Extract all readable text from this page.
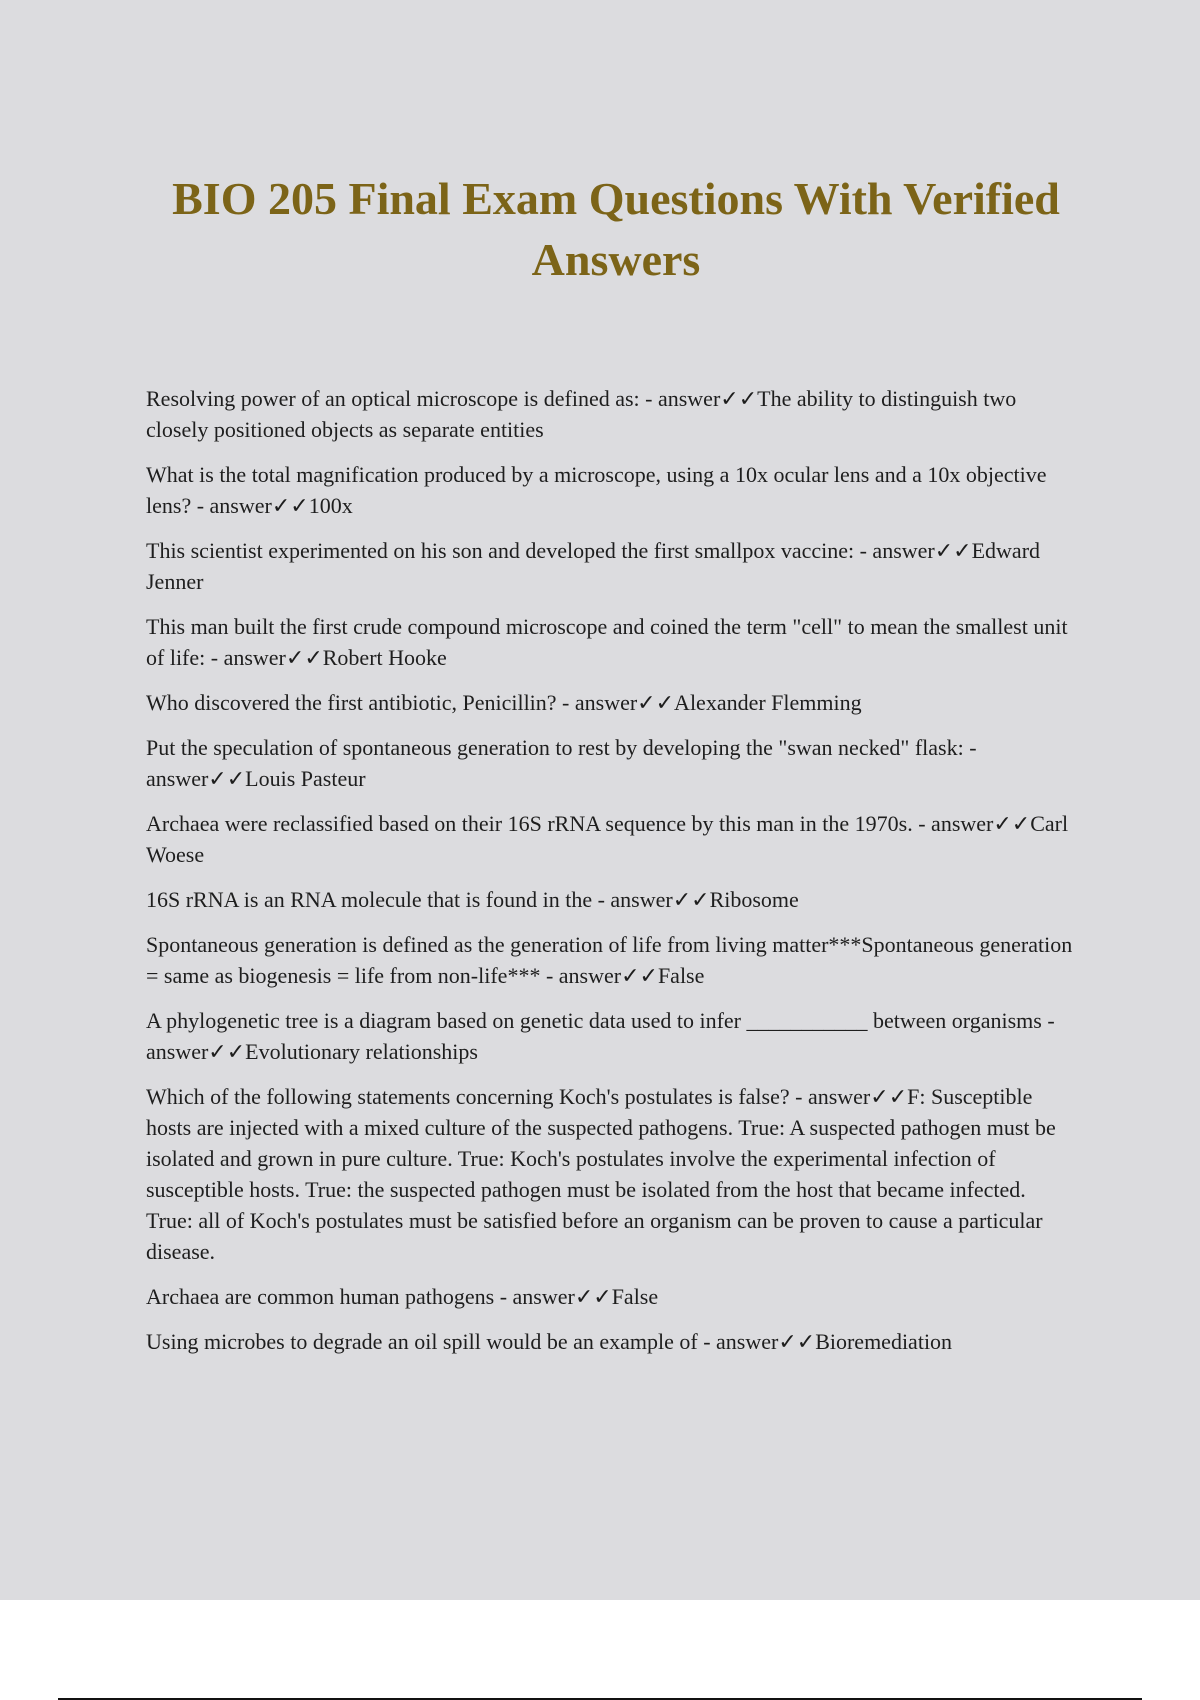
BIO 205 Final Exam Questions With Verified Answers
Resolving power of an optical microscope is defined as: - answer✓✓The ability to distinguish two closely positioned objects as separate entities
What is the total magnification produced by a microscope, using a 10x ocular lens and a 10x objective lens? - answer✓✓100x
This scientist experimented on his son and developed the first smallpox vaccine: - answer✓✓Edward Jenner
This man built the first crude compound microscope and coined the term "cell" to mean the smallest unit of life: - answer✓✓Robert Hooke
Who discovered the first antibiotic, Penicillin? - answer✓✓Alexander Flemming
Put the speculation of spontaneous generation to rest by developing the "swan necked" flask: - answer✓✓Louis Pasteur
Archaea were reclassified based on their 16S rRNA sequence by this man in the 1970s. - answer✓✓Carl Woese
16S rRNA is an RNA molecule that is found in the - answer✓✓Ribosome
Spontaneous generation is defined as the generation of life from living matter***Spontaneous generation = same as biogenesis = life from non-life*** - answer✓✓False
A phylogenetic tree is a diagram based on genetic data used to infer ___________ between organisms - answer✓✓Evolutionary relationships
Which of the following statements concerning Koch's postulates is false? - answer✓✓F: Susceptible hosts are injected with a mixed culture of the suspected pathogens. True: A suspected pathogen must be isolated and grown in pure culture. True: Koch's postulates involve the experimental infection of susceptible hosts. True: the suspected pathogen must be isolated from the host that became infected. True: all of Koch's postulates must be satisfied before an organism can be proven to cause a particular disease.
Archaea are common human pathogens - answer✓✓False
Using microbes to degrade an oil spill would be an example of - answer✓✓Bioremediation
